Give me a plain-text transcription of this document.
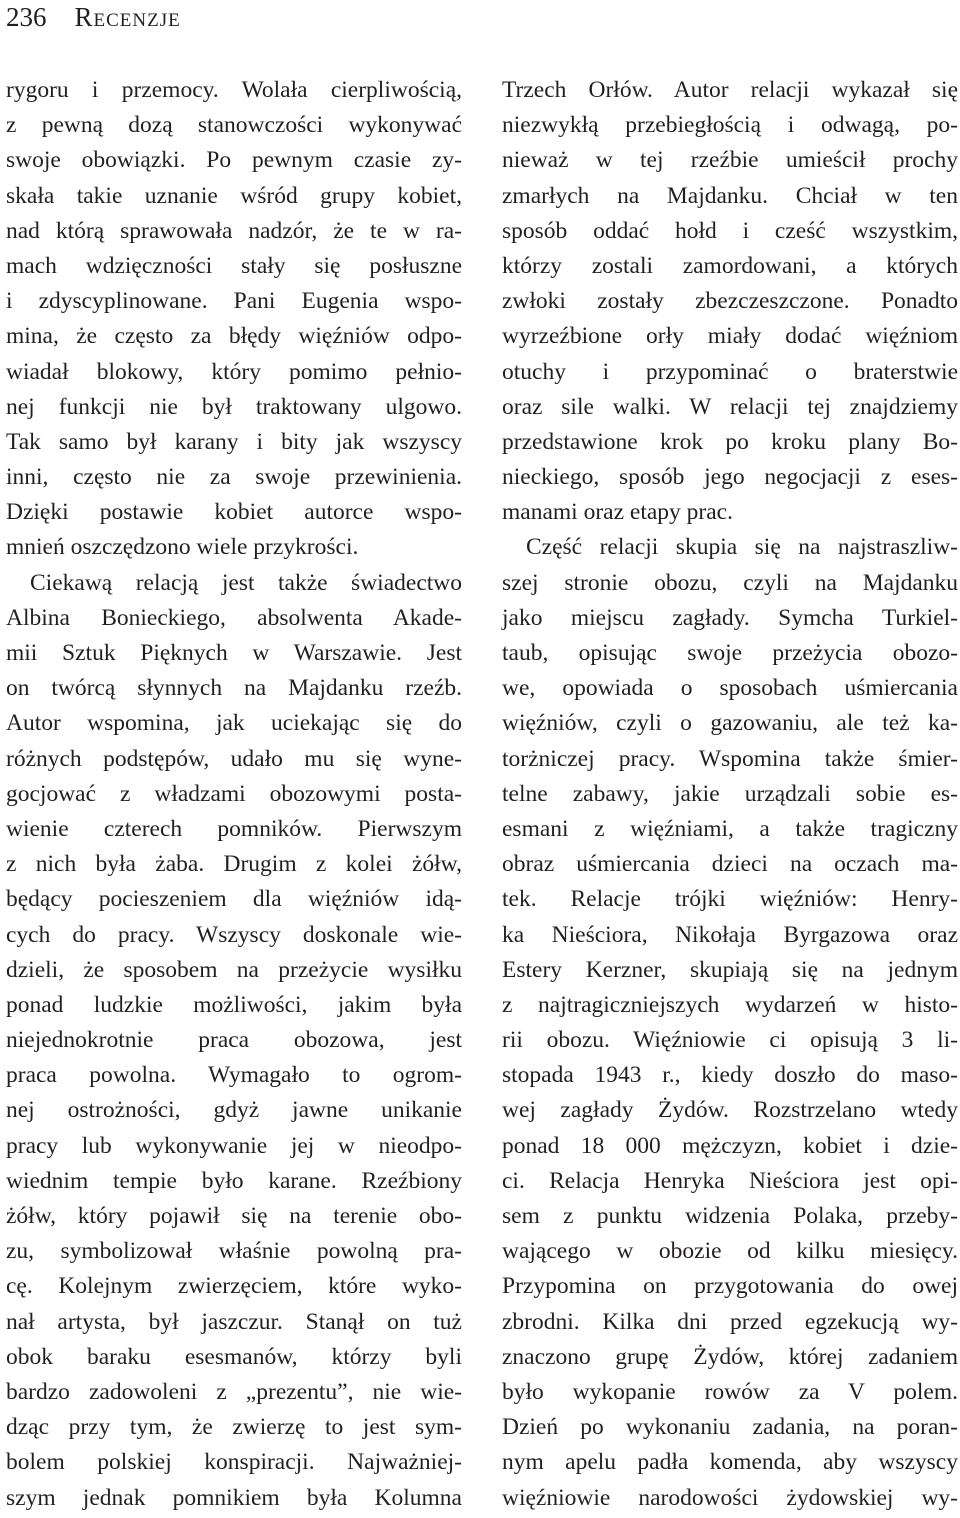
236 Recenzje
rygoru i przemocy. Wolała cierpliwością,
z pewną dozą stanowczości wykonywać
swoje obowiązki. Po pewnym czasie zy-
skała takie uznanie wśród grupy kobiet,
nad którą sprawowała nadzór, że te w ra-
mach wdzięczności stały się posłuszne
i zdyscyplinowane. Pani Eugenia wspo-
mina, że często za błędy więźniów odpo-
wiadał blokowy, który pomimo pełnio-
nej funkcji nie był traktowany ulgowo.
Tak samo był karany i bity jak wszyscy
inni, często nie za swoje przewinienia.
Dzięki postawie kobiet autorce wspo-
mnień oszczędzono wiele przykrości.
Ciekawą relacją jest także świadectwo
Albina Bonieckiego, absolwenta Akade-
mii Sztuk Pięknych w Warszawie. Jest
on twórcą słynnych na Majdanku rzeźb.
Autor wspomina, jak uciekając się do
różnych podstępów, udało mu się wyne-
gocjować z władzami obozowymi posta-
wienie czterech pomników. Pierwszym
z nich była żaba. Drugim z kolei żółw,
będący pocieszeniem dla więźniów idą-
cych do pracy. Wszyscy doskonale wie-
dzieli, że sposobem na przeżycie wysiłku
ponad ludzkie możliwości, jakim była
niejednokrotnie praca obozowa, jest
praca powolna. Wymagało to ogrom-
nej ostrożności, gdyż jawne unikanie
pracy lub wykonywanie jej w nieodpo-
wiednim tempie było karane. Rzeźbiony
żółw, który pojawił się na terenie obo-
zu, symbolizował właśnie powolną pra-
cę. Kolejnym zwierzęciem, które wyko-
nał artysta, był jaszczur. Stanął on tuż
obok baraku esesmanów, którzy byli
bardzo zadowoleni z „prezentu”, nie wie-
dząc przy tym, że zwierzę to jest sym-
bolem polskiej konspiracji. Najważniej-
szym jednak pomnikiem była Kolumna
Trzech Orłów. Autor relacji wykazał się
niezwykłą przebiegłością i odwagą, po-
nieważ w tej rzeźbie umieścił prochy
zmarłych na Majdanku. Chciał w ten
sposób oddać hołd i cześć wszystkim,
którzy zostali zamordowani, a których
zwłoki zostały zbezczeszczone. Ponadto
wyrzeźbione orły miały dodać więźniom
otuchy i przypominać o braterstwie
oraz sile walki. W relacji tej znajdziemy
przedstawione krok po kroku plany Bo-
nieckiego, sposób jego negocjacji z eses-
manami oraz etapy prac.
Część relacji skupia się na najstraszliw-
szej stronie obozu, czyli na Majdanku
jako miejscu zagłady. Symcha Turkiel-
taub, opisując swoje przeżycia obozo-
we, opowiada o sposobach uśmiercania
więźniów, czyli o gazowaniu, ale też ka-
torżniczej pracy. Wspomina także śmier-
telne zabawy, jakie urządzali sobie es-
esmani z więźniami, a także tragiczny
obraz uśmiercania dzieci na oczach ma-
tek. Relacje trójki więźniów: Henry-
ka Nieściora, Nikołaja Byrgazowa oraz
Estery Kerzner, skupiają się na jednym
z najtragiczniejszych wydarzeń w histo-
rii obozu. Więźniowie ci opisują 3 li-
stopada 1943 r., kiedy doszło do maso-
wej zagłady Żydów. Rozstrzelano wtedy
ponad 18 000 mężczyzn, kobiet i dzie-
ci. Relacja Henryka Nieściora jest opi-
sem z punktu widzenia Polaka, przeby-
wającego w obozie od kilku miesięcy.
Przypomina on przygotowania do owej
zbrodni. Kilka dni przed egzekucją wy-
znaczono grupę Żydów, której zadaniem
było wykopanie rowów za V polem.
Dzień po wykonaniu zadania, na poran-
nym apelu padła komenda, aby wszyscy
więźniowie narodowości żydowskiej wy-
